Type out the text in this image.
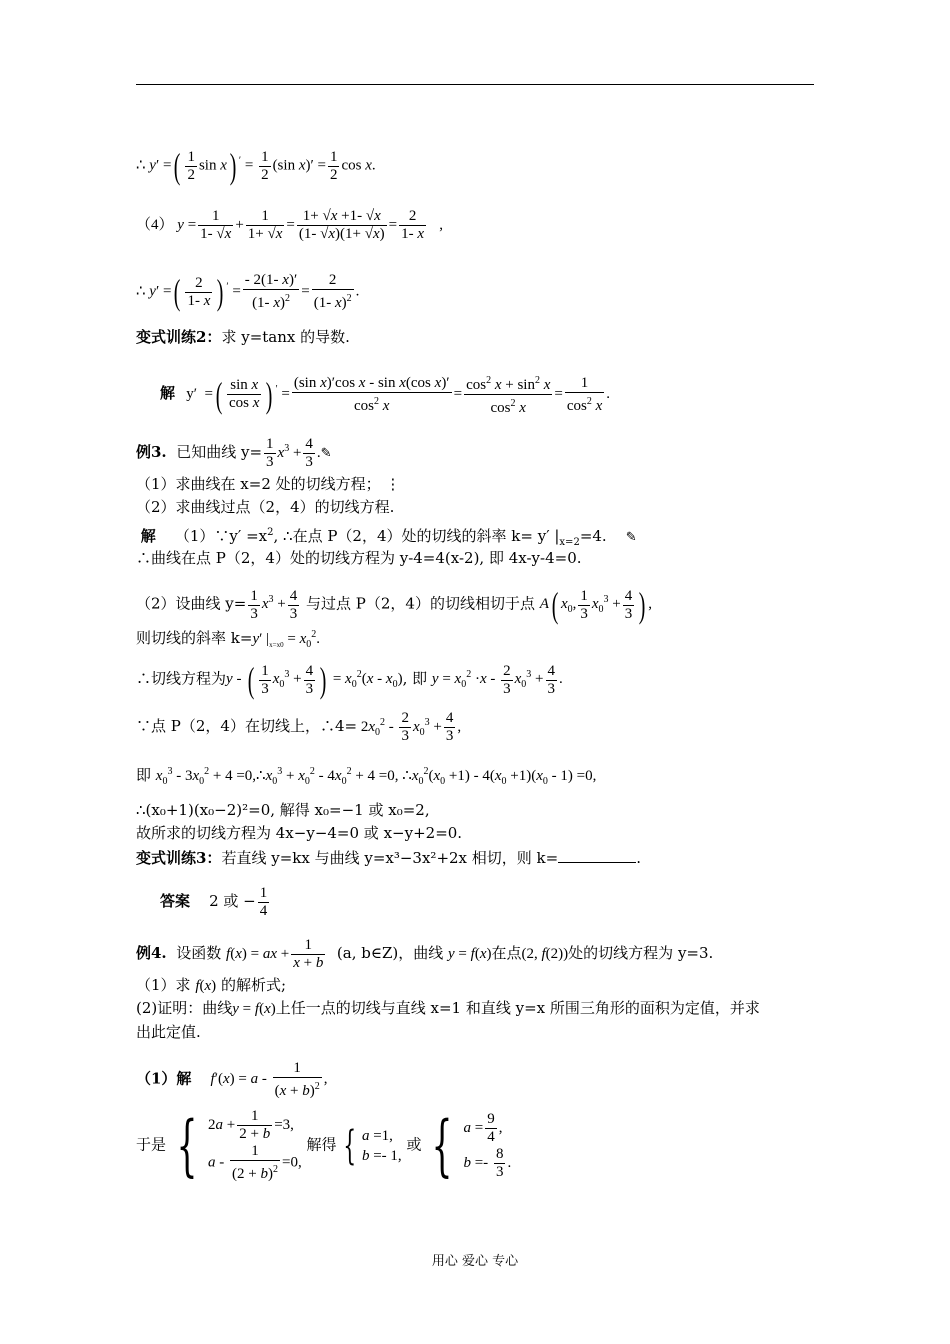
∴ y′ =( $\frac{1}{2}$ sin x) $' = \frac{1}{2} (\sin$ $x)' = \frac{1}{2}$ cos x.
（4） $y = \frac{1}{1- √x} + \frac{1}{1+ √x} = \frac{1+ √x +1- √x}{(1- √x)(1+ √x)} = \frac{2}{1- x}$ ,
∴ y′ =( $\frac{2}{1- x}$ ) $' = \frac{- 2(1- x)'}{(1- x)^2} = \frac{2}{(1- x)^2}$ .
变式训练2：求 y=tanx 的导数.
解   y′  =( $\frac{\text{sin x}}{\text{cos x}}$ ) $' = \frac{\text{(sin x)′cos x - sin x(cos x)′}}{\cos^2 x} = \frac{\cos^2 x + \sin^2 x}{\cos^2 x} = \frac{1}{\cos^2 x}$ .
例3. 已知曲线 $y= \frac{1}{3} x^3 + \frac{4}{3}$ .✎
（1）求曲线在 x=2 处的切线方程； ⋮
（2）求曲线过点（2，4）的切线方程.
解 （1）∵y′ $=x^2$, ∴在点 P（2，4）处的切线的斜率 k= y′ $|_{x=2}=4$. ✎
∴曲线在点 P（2，4）处的切线方程为 y-4=4(x-2), 即 4x-y-4=0.
（2）设曲线 $y= \frac{1}{3} x^3 + \frac{4}{3}$ 与过点 P（2，4）的切线相切于点 A( $x_0$, $\frac{1}{3} x_0^3 + \frac{4}{3}$ ) ,
则切线的斜率 k=y′ $|_{x=x0} = x_0^2$.
∴切线方程为y - ( $\frac{1}{3} x_0^3 + \frac{4}{3}$ ) = $x_0^2(x - x_0)$, 即 $y = x_0^2 \cdot x - \frac{2}{3} x_0^3 + \frac{4}{3}$ .
∵点 P（2，4）在切线上，∴4= $2x_0^2 - \frac{2}{3} x_0^3 + \frac{4}{3}$ ,
即 $x_0^3 - 3x_0^2 + 4$ $=0,\therefore x_0^3 + x_0^2 - 4x_0^2 + 4 =0$, $\therefore x_0^2(x_0 +1) - 4(x_0 +1)(x_0 - 1) =0$,
∴(x₀+1)(x₀−2)²=0, 解得 x₀=−1 或 x₀=2,
故所求的切线方程为 4x−y−4=0 或 x−y+2=0.
变式训练3：若直线 y=kx 与曲线 y=x³−3x²+2x 相切，则 k=	.
答案 2 或 − $\frac{1}{4}$
例4. 设函数 f(x) = ax + $\frac{1}{x + b} (a$, b∈Z)，曲线 y = f(x)在点(2, f(2))处的切线方程为 y=3.
（1）求 f(x) 的解析式;
(2)证明：曲线y = f(x)上任一点的切线与直线 x=1 和直线 y=x 所围三角形的面积为定值，并求
出此定值.
（1）解 $f'(x) = a - \frac{1}{(x + b)^2}$ ,
于是 { $2a + \frac{1}{2 + b} =3$,
$a - \frac{1}{(2 + b)^2} =0$,
解得 { a =1,
b =- 1,
或 { $a = \frac{9}{4}$ ,
$b =- \frac{8}{3}$ .
用心 爱心 专心
